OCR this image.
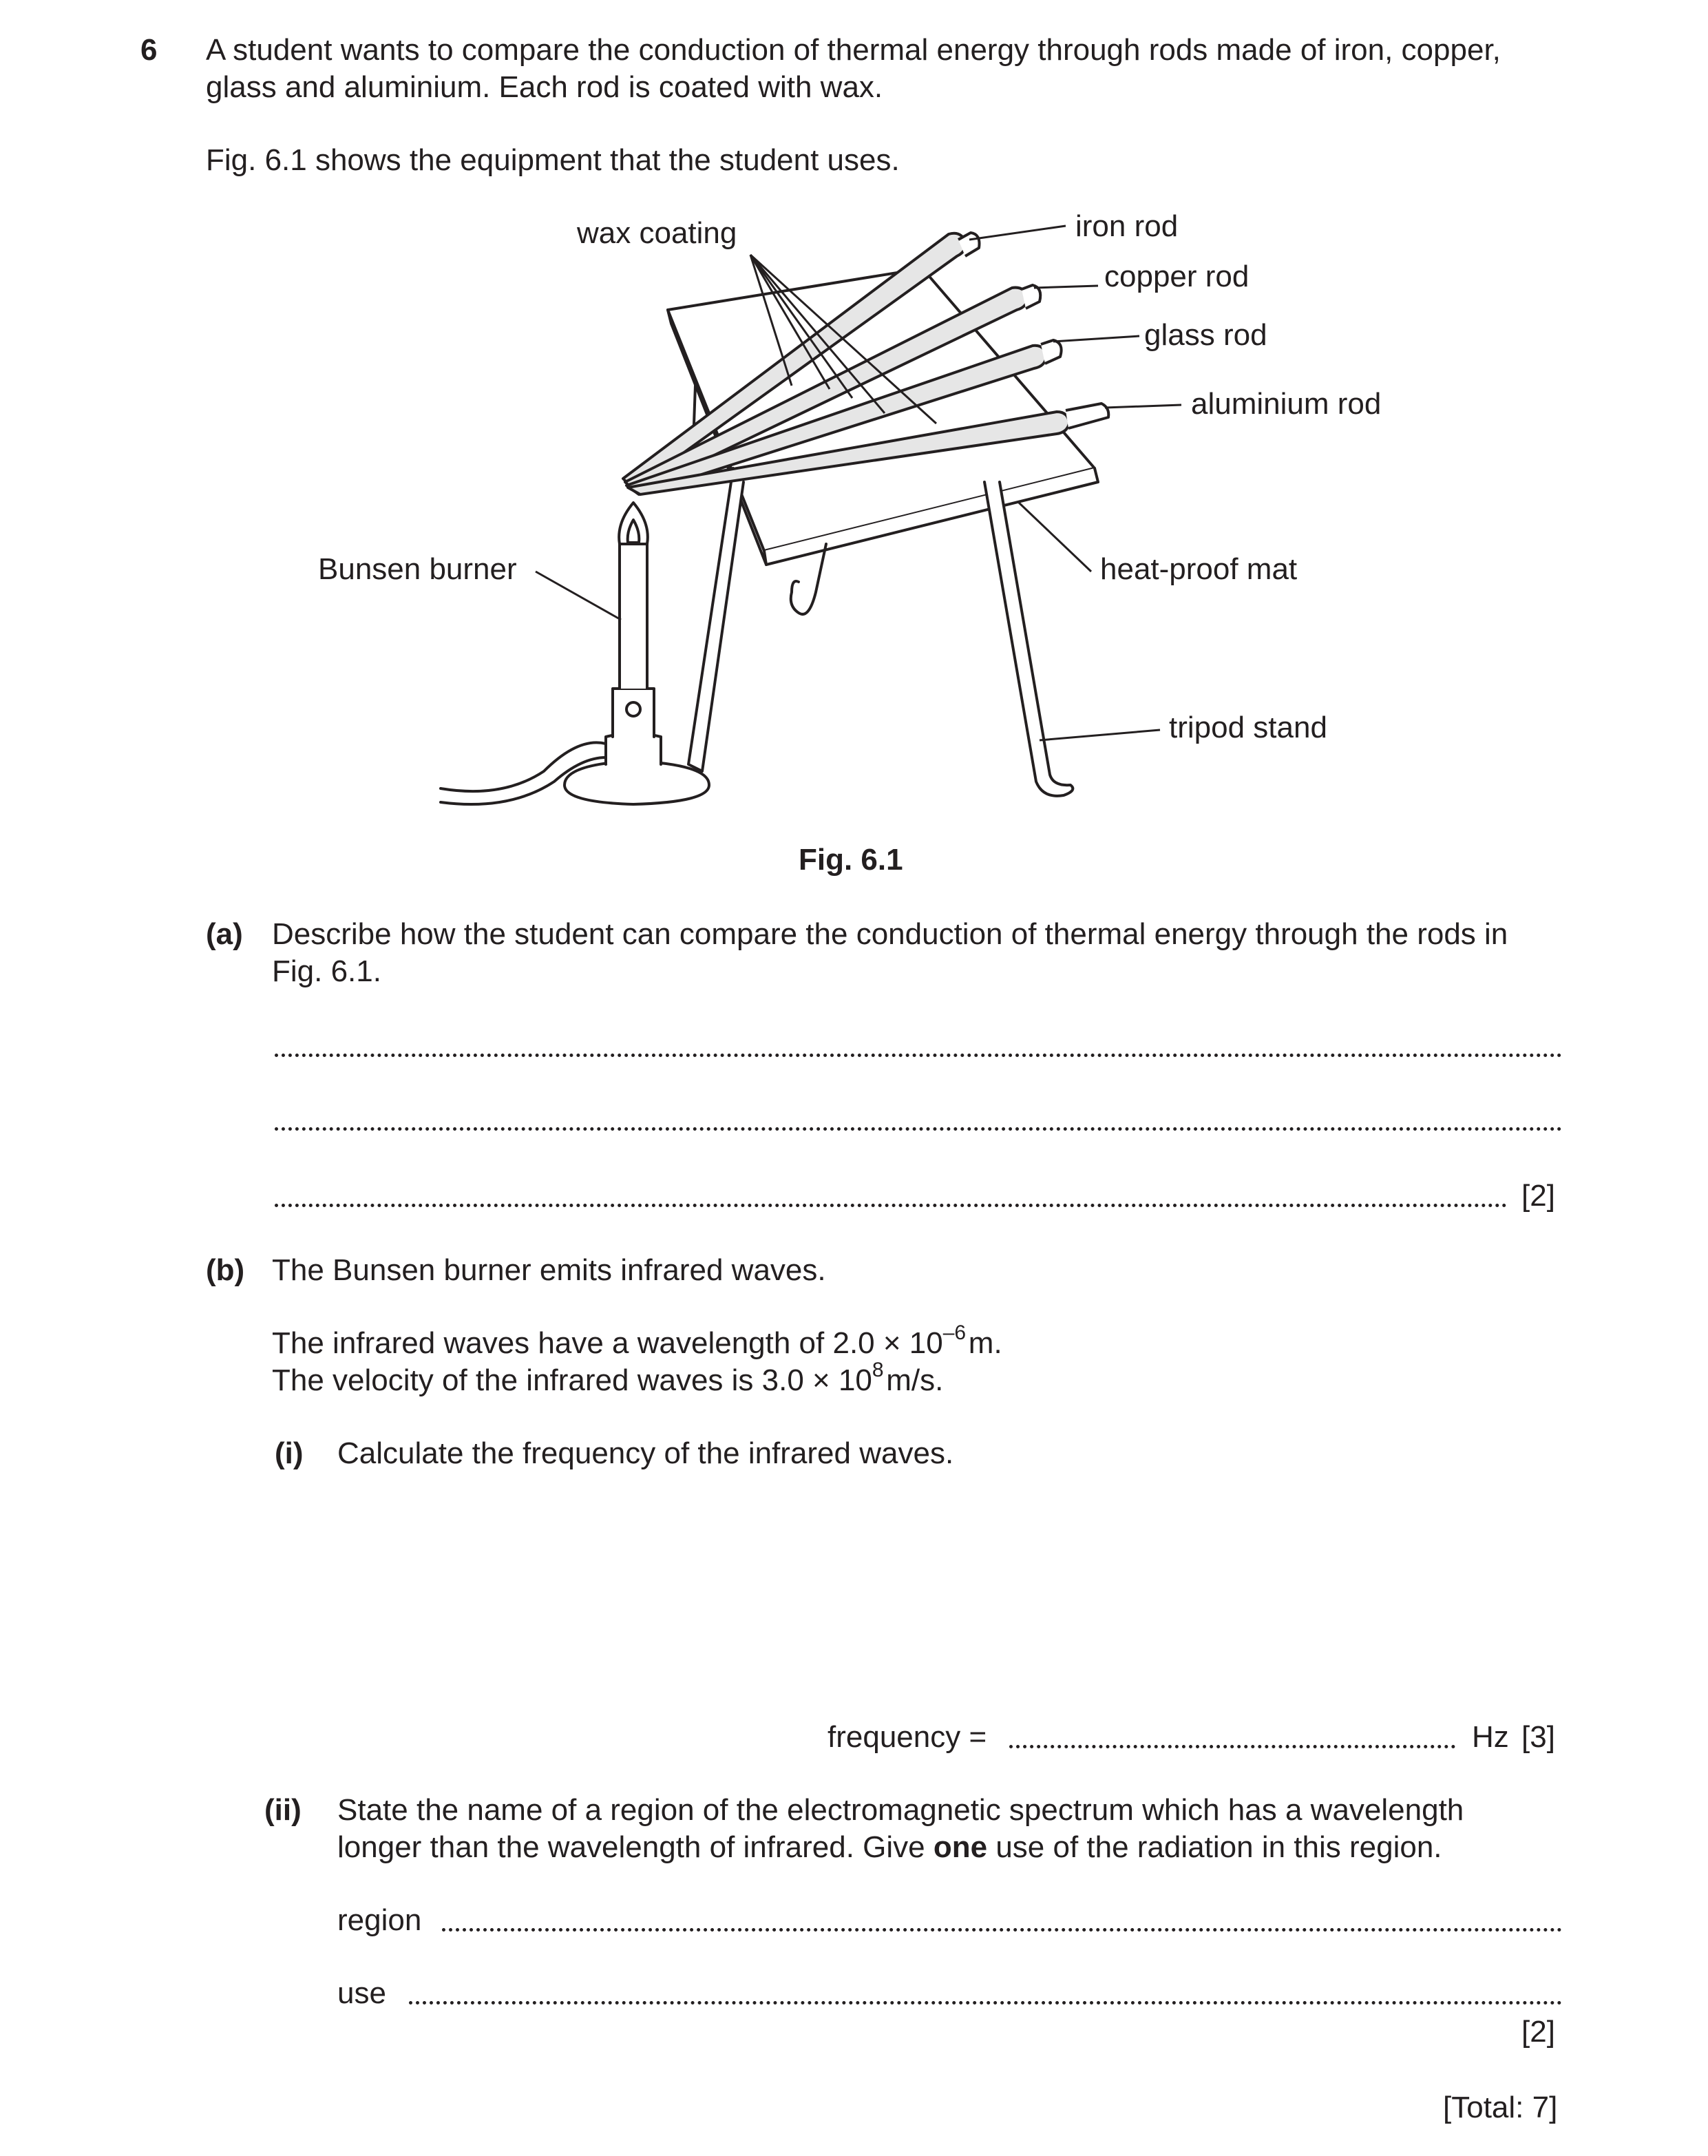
6 A student wants to compare the conduction of thermal energy through rods made of iron, copper,
glass and aluminium. Each rod is coated with wax.
Fig. 6.1 shows the equipment that the student uses.
wax coating	iron rod
copper rod
glass rod
aluminium rod
Bunsen burner	heat-proof mat
tripod stand
Fig. 6.1
(a) Describe how the student can compare the conduction of thermal energy through the rods in
Fig. 6.1.
[2]
(b) The Bunsen burner emits infrared waves.
The infrared waves have a wavelength of $2.0 \times 10^{-6}$ m.
The velocity of the infrared waves is $3.0 \times 10^8$ m/s.
(i) Calculate the frequency of the infrared waves.
frequency =	Hz [3]
(ii) State the name of a region of the electromagnetic spectrum which has a wavelength
longer than the wavelength of infrared. Give one use of the radiation in this region.
region
use
[2]
[Total: 7]
